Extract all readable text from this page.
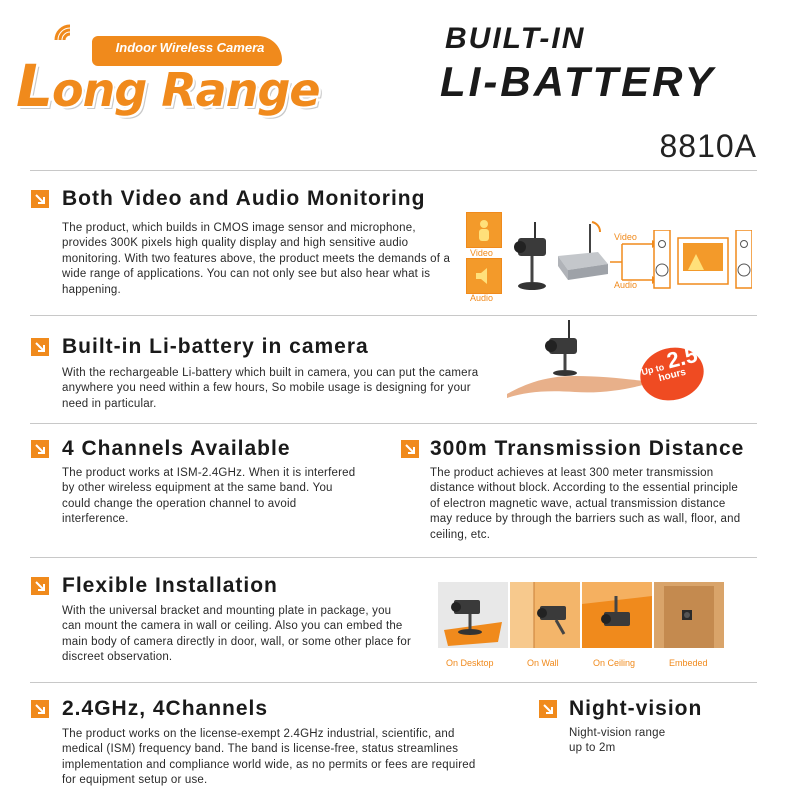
Indoor Wireless Camera
Long Range
BUILT-IN
LI-BATTERY
8810A
Both Video and Audio Monitoring
The product, which builds in CMOS image sensor and microphone, provides 300K pixels high quality display and high sensitive audio monitoring. With two features above, the product meets the demands of a wide range of applications. You can not only see but also hear what is happening.
Video
Audio
Video
Audio
Built-in Li-battery in camera
With the rechargeable Li-battery which built in camera, you can put the camera anywhere you need within a few hours, So mobile usage is designing for your need in particular.
Up to 2.5
hours
4 Channels Available
The product works at ISM-2.4GHz. When it is interfered by other wireless equipment at the same band. You could change the operation channel to avoid interference.
300m Transmission Distance
The product achieves at least 300 meter transmission distance without block. According to the essential principle of electron magnetic wave, actual transmission distance may reduce by through the barriers such as wall, floor, and ceiling, etc.
Flexible Installation
With the universal bracket and mounting plate in package, you can mount the camera in wall or ceiling. Also you can embed the main body of camera directly in door, wall, or some other place for discreet observation.	On Desktop	On Wall	On Ceiling	Embeded
2.4GHz, 4Channels
The product works on the license-exempt 2.4GHz industrial, scientific, and medical (ISM) frequency band. The band is license-free, status streamlines implementation and compliance world wide, as no permits or fees are required for equipment setup or use.
Night-vision
Night-vision range
up to 2m
